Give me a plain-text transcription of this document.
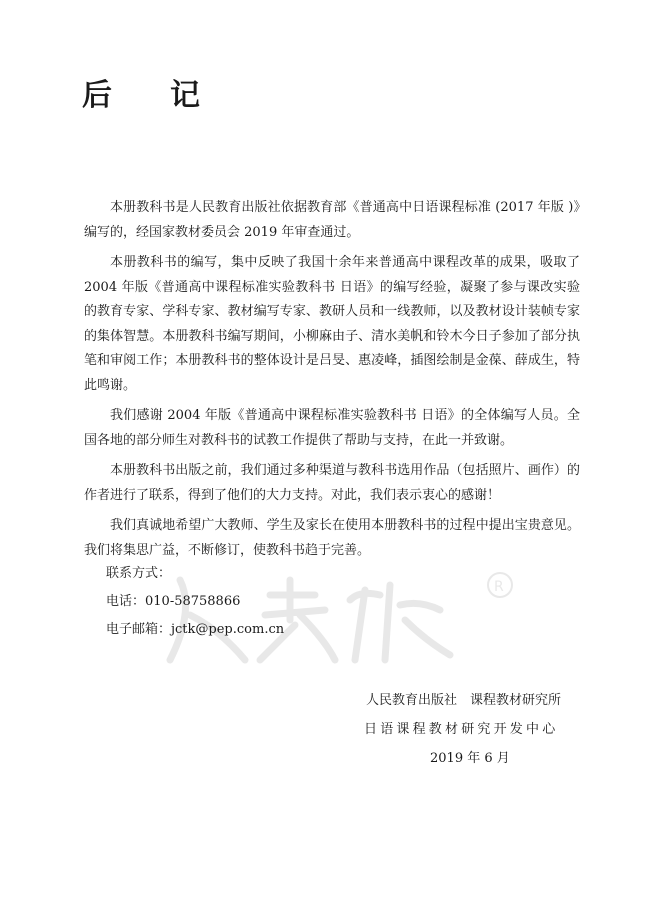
R
后　记

本册教科书是人民教育出版社依据教育部《普通高中日语课程标准 (2017 年版 )》编写的，经国家教材委员会 2019 年审查通过。

本册教科书的编写，集中反映了我国十余年来普通高中课程改革的成果，吸取了 2004 年版《普通高中课程标准实验教科书 日语》的编写经验，凝聚了参与课改实验的教育专家、学科专家、教材编写专家、教研人员和一线教师，以及教材设计装帧专家的集体智慧。本册教科书编写期间，小柳麻由子、清水美帆和铃木今日子参加了部分执笔和审阅工作；本册教科书的整体设计是吕旻、惠凌峰，插图绘制是金葆、薛成生，特此鸣谢。

我们感谢 2004 年版《普通高中课程标准实验教科书 日语》的全体编写人员。全国各地的部分师生对教科书的试教工作提供了帮助与支持，在此一并致谢。

本册教科书出版之前，我们通过多种渠道与教科书选用作品（包括照片、画作）的作者进行了联系，得到了他们的大力支持。对此，我们表示衷心的感谢！

我们真诚地希望广大教师、学生及家长在使用本册教科书的过程中提出宝贵意见。我们将集思广益，不断修订，使教科书趋于完善。

联系方式：
电话：010-58758866
电子邮箱：jctk@pep.com.cn
人民教育出版社　课程教材研究所
日语课程教材研究开发中心
2019 年 6 月
